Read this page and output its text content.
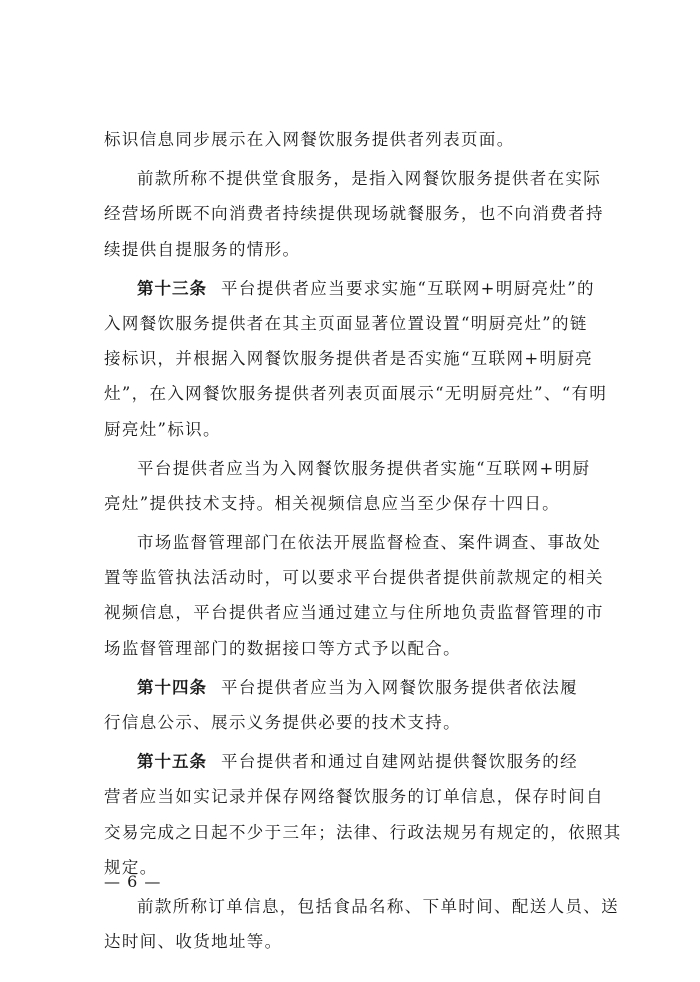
标识信息同步展示在入网餐饮服务提供者列表页面。
前款所称不提供堂食服务，是指入网餐饮服务提供者在实际
经营场所既不向消费者持续提供现场就餐服务，也不向消费者持
续提供自提服务的情形。
第十三条 平台提供者应当要求实施“互联网+明厨亮灶”的
入网餐饮服务提供者在其主页面显著位置设置“明厨亮灶”的链
接标识，并根据入网餐饮服务提供者是否实施“互联网+明厨亮
灶”，在入网餐饮服务提供者列表页面展示“无明厨亮灶”、“有明
厨亮灶”标识。
平台提供者应当为入网餐饮服务提供者实施“互联网+明厨
亮灶”提供技术支持。相关视频信息应当至少保存十四日。
市场监督管理部门在依法开展监督检查、案件调查、事故处
置等监管执法活动时，可以要求平台提供者提供前款规定的相关
视频信息，平台提供者应当通过建立与住所地负责监督管理的市
场监督管理部门的数据接口等方式予以配合。
第十四条 平台提供者应当为入网餐饮服务提供者依法履
行信息公示、展示义务提供必要的技术支持。
第十五条 平台提供者和通过自建网站提供餐饮服务的经
营者应当如实记录并保存网络餐饮服务的订单信息，保存时间自
交易完成之日起不少于三年；法律、行政法规另有规定的，依照其
规定。
前款所称订单信息，包括食品名称、下单时间、配送人员、送
达时间、收货地址等。
— 6 —
